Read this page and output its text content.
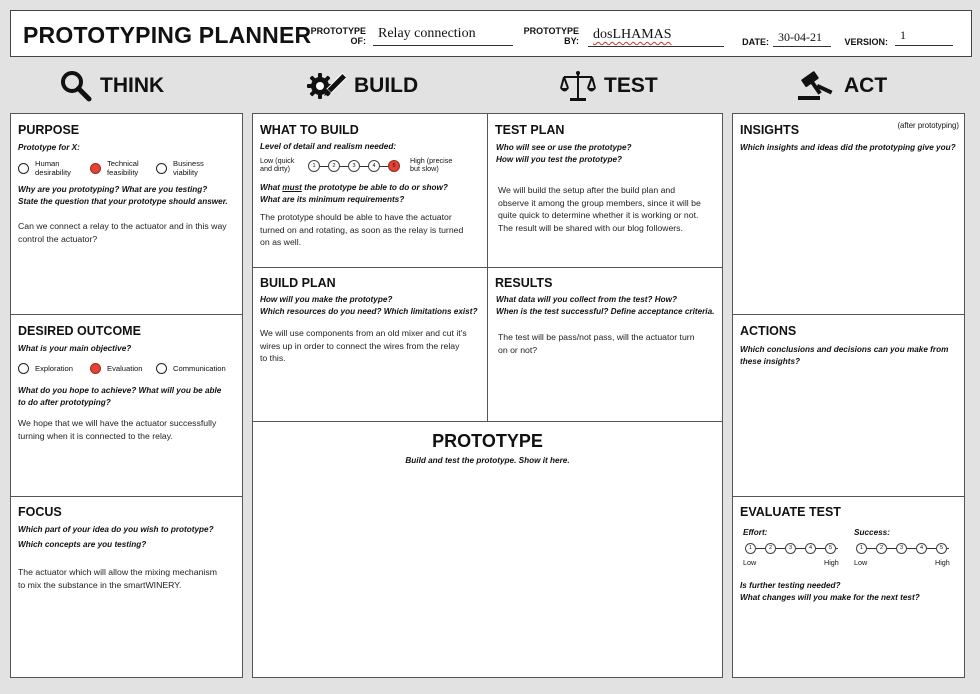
PROTOTYPING PLANNER PROTOTYPE
OF: Relay connection	PROTOTYPE
BY:	dosLHAMAS	DATE: 30-04-21	VERSION:	1
THINK	BUILD	TEST	ACT
PURPOSE
Prototype for X:
Human
desirability
Technical
feasibility
Business
viability
Why are you prototyping? What are you testing?
State the question that your prototype should answer.
Can we connect a relay to the actuator and in this way
control the actuator?
DESIRED OUTCOME
What is your main objective?
Exploration	Evaluation	Communication
What do you hope to achieve? What will you be able
to do after prototyping?
We hope that we will have the actuator successfully
turning when it is connected to the relay.
FOCUS
Which part of your idea do you wish to prototype?
Which concepts are you testing?
The actuator which will allow the mixing mechanism
to mix the substance in the smartWINERY.
WHAT TO BUILD
Level of detail and realism needed:
Low (quick
and dirty)
High (precise
but slow)
What must the prototype be able to do or show?
What are its minimum requirements?
The prototype should be able to have the actuator
turned on and rotating, as soon as the relay is turned
on as well.
1	2	3	4	5
TEST PLAN
Who will see or use the prototype?
How will you test the prototype?
We will build the setup after the build plan and
observe it among the group members, since it will be
quite quick to determine whether it is working or not.
The result will be shared with our blog followers.
BUILD PLAN
How will you make the prototype?
Which resources do you need? Which limitations exist?
We will use components from an old mixer and cut it's
wires up in order to connect the wires from the relay
to this.
RESULTS
What data will you collect from the test? How?
When is the test successful? Define acceptance criteria.
The test will be pass/not pass, will the actuator turn
on or not?
PROTOTYPE
Build and test the prototype. Show it here.
INSIGHTS	(after prototyping)
Which insights and ideas did the prototyping give you?
ACTIONS
Which conclusions and decisions can you make from
these insights?
EVALUATE TEST
Effort:
Low	High
Success:
Low	High
Is further testing needed?
What changes will you make for the next test?
1	2	3	4	5	1	2	3	4	5
